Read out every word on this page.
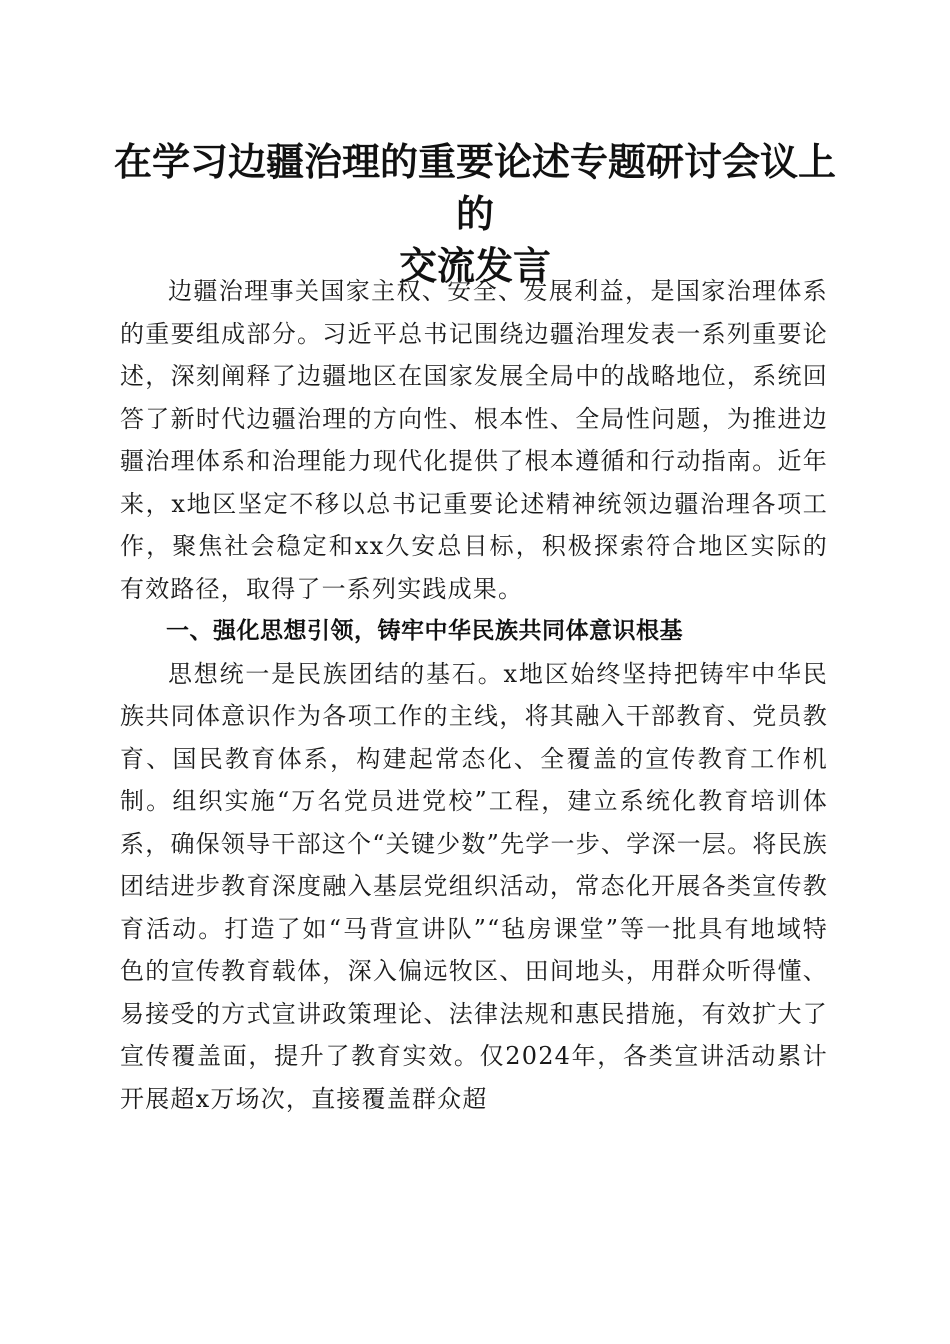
在学习边疆治理的重要论述专题研讨会议上的
交流发言

边疆治理事关国家主权、安全、发展利益，是国家治理体系的重要组成部分。习近平总书记围绕边疆治理发表一系列重要论述，深刻阐释了边疆地区在国家发展全局中的战略地位，系统回答了新时代边疆治理的方向性、根本性、全局性问题，为推进边疆治理体系和治理能力现代化提供了根本遵循和行动指南。近年来，x地区坚定不移以总书记重要论述精神统领边疆治理各项工作，聚焦社会稳定和xx久安总目标，积极探索符合地区实际的有效路径，取得了一系列实践成果。

一、强化思想引领，铸牢中华民族共同体意识根基

思想统一是民族团结的基石。x地区始终坚持把铸牢中华民族共同体意识作为各项工作的主线，将其融入干部教育、党员教育、国民教育体系，构建起常态化、全覆盖的宣传教育工作机制。组织实施“万名党员进党校”工程，建立系统化教育培训体系，确保领导干部这个“关键少数”先学一步、学深一层。将民族团结进步教育深度融入基层党组织活动，常态化开展各类宣传教育活动。打造了如“马背宣讲队”“毡房课堂”等一批具有地域特色的宣传教育载体，深入偏远牧区、田间地头，用群众听得懂、易接受的方式宣讲政策理论、法律法规和惠民措施，有效扩大了宣传覆盖面，提升了教育实效。仅2024年，各类宣讲活动累计开展超x万场次，直接覆盖群众超
